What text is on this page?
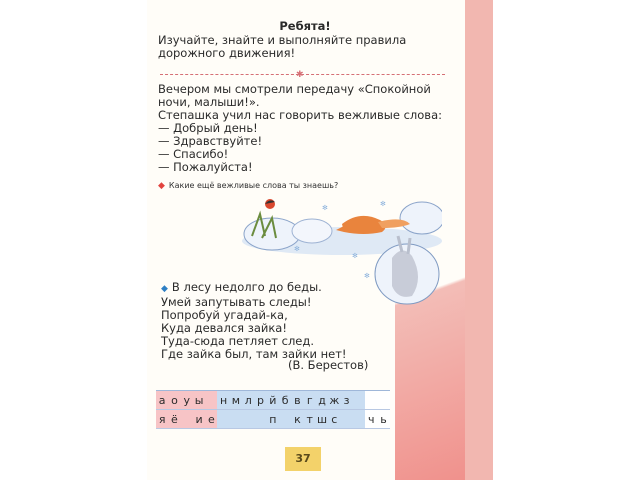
Ребята!
Изучайте, знайте и выполняйте правила дорожного движения!
✱
Вечером мы смотрели передачу «Спокойной ночи, малыши!».
Степашка учил нас говорить вежливые слова:
— Добрый день!
— Здравствуйте!
— Спасибо!
— Пожалуйста!
◆ Какие ещё вежливые слова ты знаешь?
◆ В лесу недолго до беды.
Умей запутывать следы!
Попробуй угадай-ка,
Куда девался зайка!
Туда-сюда петляет след.
Где зайка был, там зайки нет!
(В. Берестов)
✻
✻
✻	✻
✻
а	о	у	ы		н	м	л	р	й	б	в	г	д	ж	з			
я	ё		и	е					п		к	т	ш	с			ч	ь
37
